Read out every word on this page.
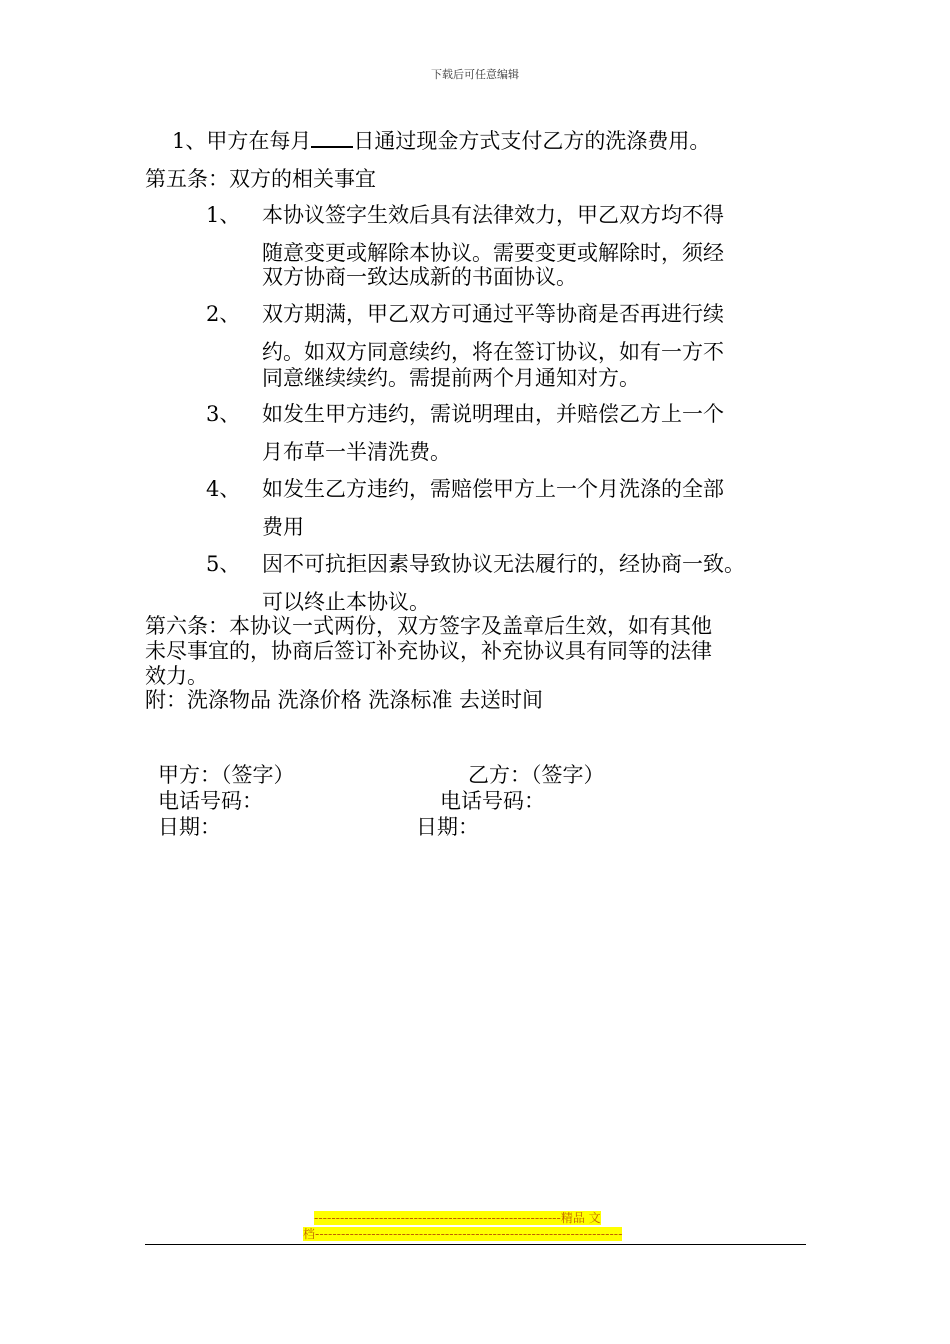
下载后可任意编辑
1、甲方在每月 日通过现金方式支付乙方的洗涤费用。
第五条：双方的相关事宜
1、 本协议签字生效后具有法律效力，甲乙双方均不得
随意变更或解除本协议。需要变更或解除时，须经
双方协商一致达成新的书面协议。
2、 双方期满，甲乙双方可通过平等协商是否再进行续
约。如双方同意续约，将在签订协议，如有一方不
同意继续续约。需提前两个月通知对方。
3、 如发生甲方违约，需说明理由，并赔偿乙方上一个
月布草一半清洗费。
4、 如发生乙方违约，需赔偿甲方上一个月洗涤的全部
费用
5、 因不可抗拒因素导致协议无法履行的，经协商一致。
可以终止本协议。
第六条：本协议一式两份，双方签字及盖章后生效，如有其他
未尽事宜的，协商后签订补充协议，补充协议具有同等的法律
效力。
附：洗涤物品 洗涤价格 洗涤标准 去送时间
甲方：（签字）	乙方：（签字）
电话号码：	电话号码：
日期：	日期：
---------------------------------------------------------精品 文
档-----------------------------------------------------------------------
